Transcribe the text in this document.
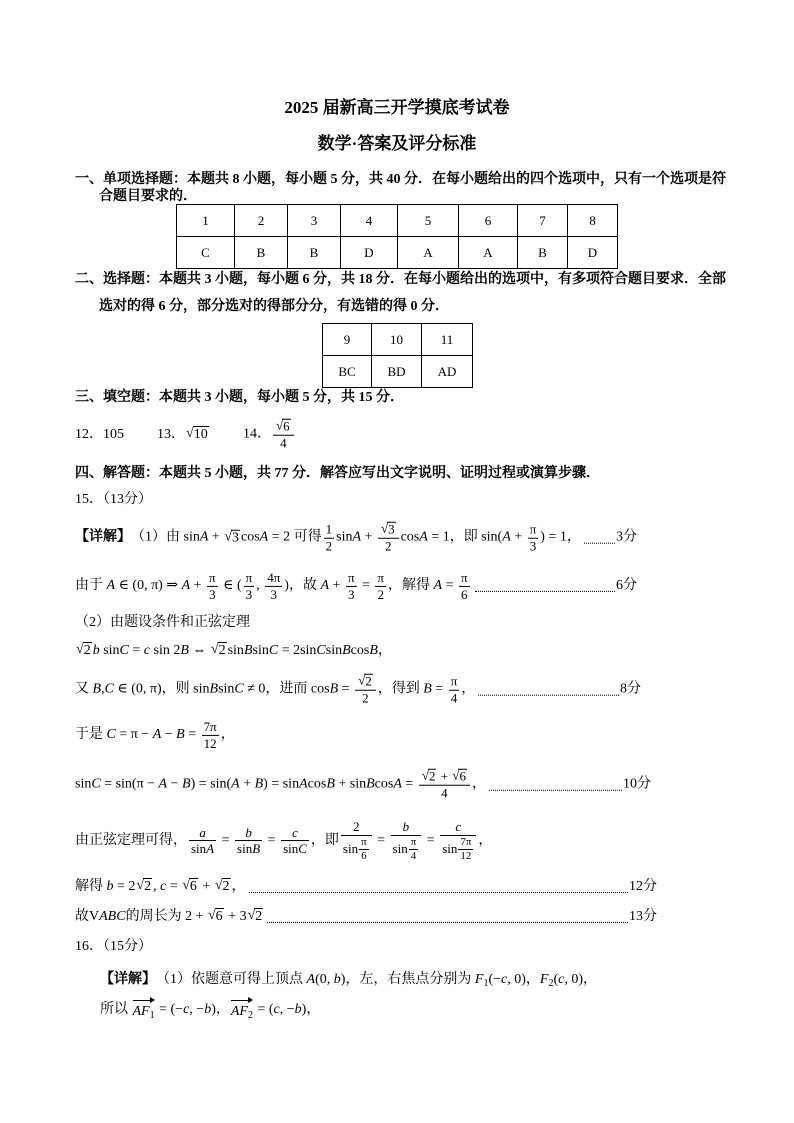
2025 届新高三开学摸底考试卷
数学·答案及评分标准
一、单项选择题：本题共 8 小题，每小题 5 分，共 40 分．在每小题给出的四个选项中，只有一个选项是符
合题目要求的．
1	2	3	4	5	6	7	8
C	B	B	D	A	A	B	D
二、选择题：本题共 3 小题，每小题 6 分，共 18 分．在每小题给出的选项中，有多项符合题目要求．全部
选对的得 6 分，部分选对的得部分分，有选错的得 0 分．
9	10	11
BC	BD	AD
三、填空题：本题共 3 小题，每小题 5 分，共 15 分．
12． 105 13． √ 10	14． √ $\frac{6}{4}$
四、解答题：本题共 5 小题，共 77 分．解答应写出文字说明、证明过程或演算步骤．
15．（13分）
【详解】 （1）由 sin A + √ 3 cos A = 2 可得 $\frac{1}{2}$ sin A + √ $\frac{3}{2}$ cos A = 1，即 sin( $A + \frac{\pi}{3}$ ) = 1，	3分
由于 A ∈ (0, π) ⇒ $A + \frac{\pi}{3}$ ∈ ( $\frac{\pi}{3}$ , $\frac{4\pi}{3}$ )，故 $A + \frac{\pi}{3} = \frac{\pi}{2}$ ，解得 $A = \frac{\pi}{6}$	6分
（2）由题设条件和正弦定理
√ 2 b sin C = c sin 2 B ⇔ √ 2 sin B sin C = 2sin C sin B cos B ，
又 B , C ∈ (0, π)，则 sin B sin C ≠ 0，进而 cos B = √ $\frac{2}{2}$ ，得到 $B = \frac{\pi}{4}$ ，	8分
于是 $C = \pi - A - B = \frac{7\pi}{12}$ ，
sin C = sin(π − A − B ) = sin( A + B ) = sin A cos B + sin B cos A = √ $\frac{2 + √ 6}{4}$ ，	10分
由正弦定理可得， $\frac{a}{\text{sin A}} = \frac{b}{\text{sin B}} = \frac{c}{\text{sin C}}$ ，即 $\frac{2}{\sin \frac{\pi}{6}} = \frac{b}{\sin \frac{\pi}{4}} = \frac{c}{\sin \frac{7\pi}{12}}$ ，
解得 b = 2 √ 2 , c = √ 6 + √ 2 ，	12分
故V ABC 的周长为 2 + √ 6 + 3 √ 2	13分
16．（15分）
【详解】 （1）依题意可得上顶点 A (0, b )，左，右焦点分别为 F 1 (− c , 0)， F 2 ( c , 0)，
所以 AF 1 = (− c , − b )， AF 2 = ( c , − b )，
